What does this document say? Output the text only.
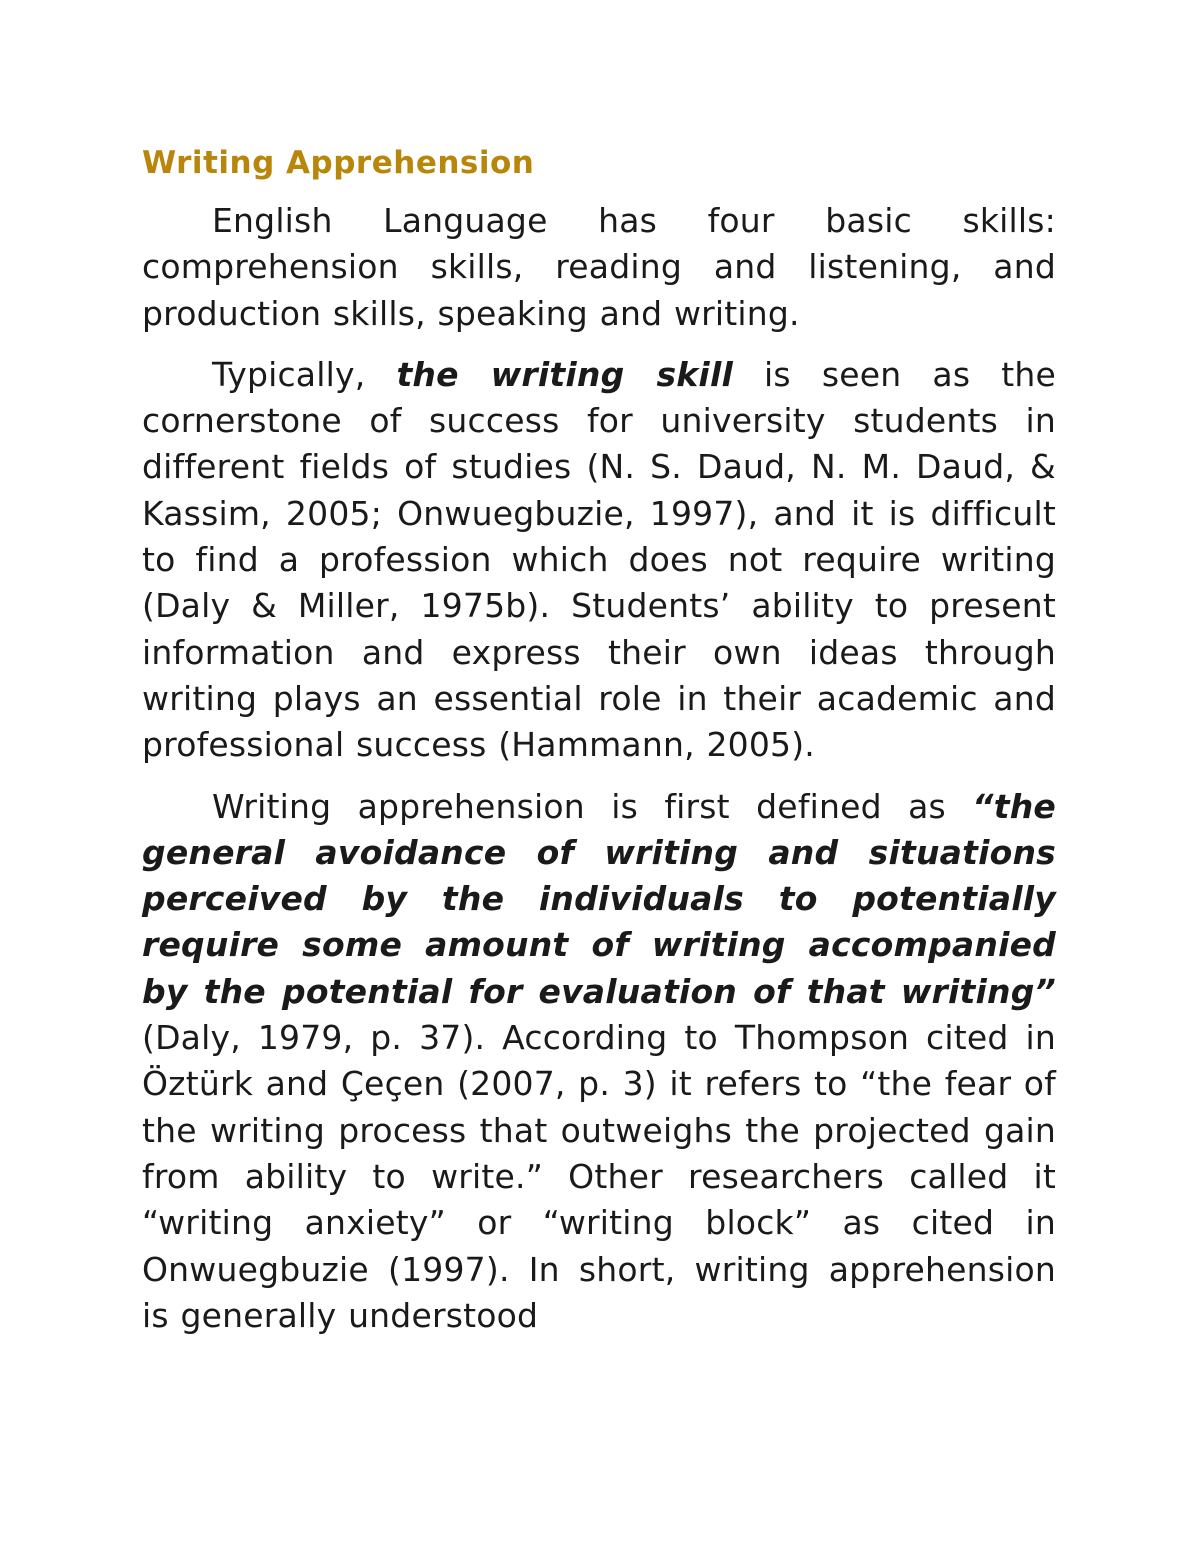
Writing Apprehension

English Language has four basic skills: comprehension skills, reading and listening, and production skills, speaking and writing.

Typically, the writing skill is seen as the cornerstone of success for university students in different fields of studies (N. S. Daud, N. M. Daud, & Kassim, 2005; Onwuegbuzie, 1997), and it is difficult to find a profession which does not require writing (Daly & Miller, 1975b). Students’ ability to present information and express their own ideas through writing plays an essential role in their academic and professional success (Hammann, 2005).

Writing apprehension is first defined as “the general avoidance of writing and situations perceived by the individuals to potentially require some amount of writing accompanied by the potential for evaluation of that writing” (Daly, 1979, p. 37). According to Thompson cited in Öztürk and Çeçen (2007, p. 3) it refers to “the fear of the writing process that outweighs the projected gain from ability to write.” Other researchers called it “writing anxiety” or “writing block” as cited in Onwuegbuzie (1997). In short, writing apprehension is generally understood
